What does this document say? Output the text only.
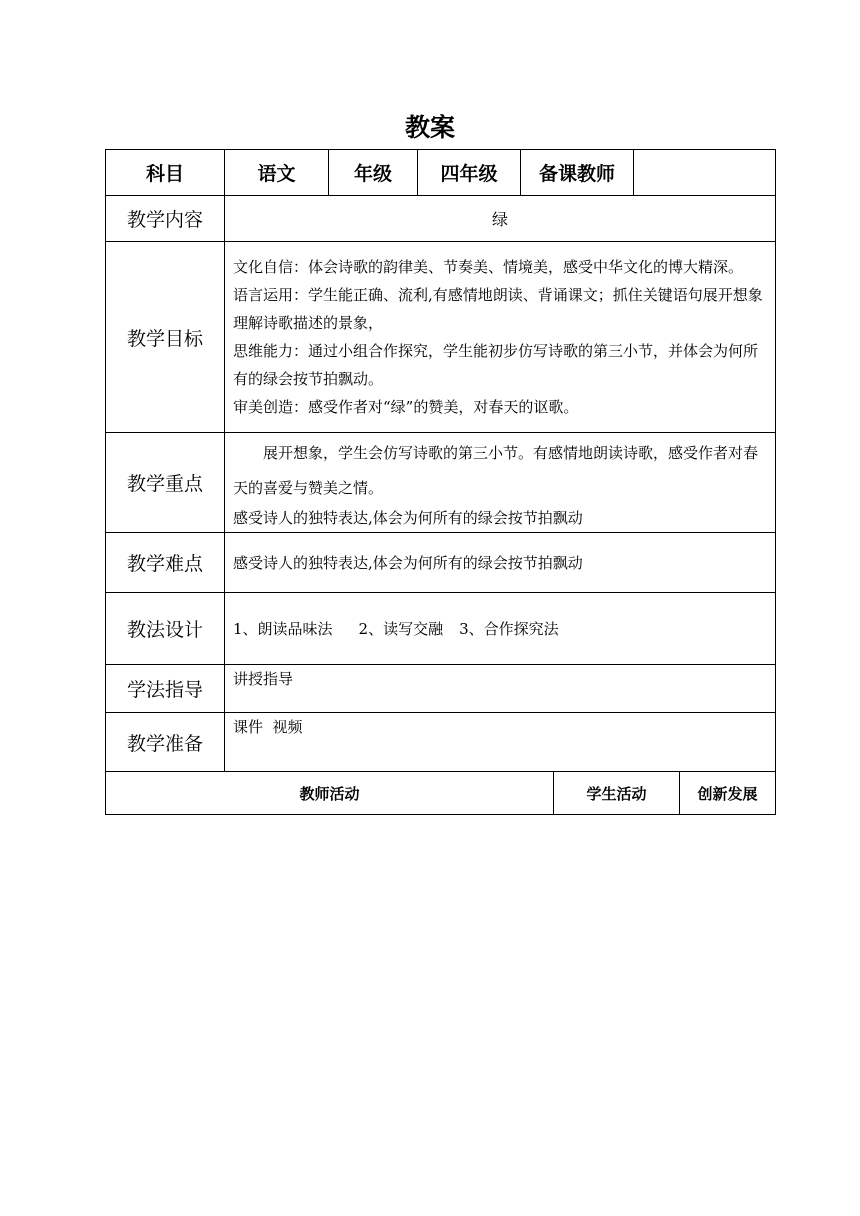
教案
科目	语文	年级	四年级	备课教师			
教学内容	绿						
教学目标	文化自信：体会诗歌的韵律美、节奏美、情境美，感受中华文化的博大精深。

语言运用：学生能正确、流利,有感情地朗读、背诵课文；抓住关键语句展开想象理解诗歌描述的景象，

思维能力：通过小组合作探究，学生能初步仿写诗歌的第三小节，并体会为何所有的绿会按节拍飘动。

审美创造：感受作者对“绿”的赞美，对春天的讴歌。						

教学重点	展开想象，学生会仿写诗歌的第三小节。有感情地朗读诗歌，感受作者对春天的喜爱与赞美之情。

感受诗人的独特表达,体会为何所有的绿会按节拍飘动						

教学难点	感受诗人的独特表达,体会为何所有的绿会按节拍飘动						
教法设计	1、朗读品味法 2、读写交融 3、合作探究法						
学法指导	讲授指导						
教学准备	课件  视频						
教师活动					学生活动		创新发展
